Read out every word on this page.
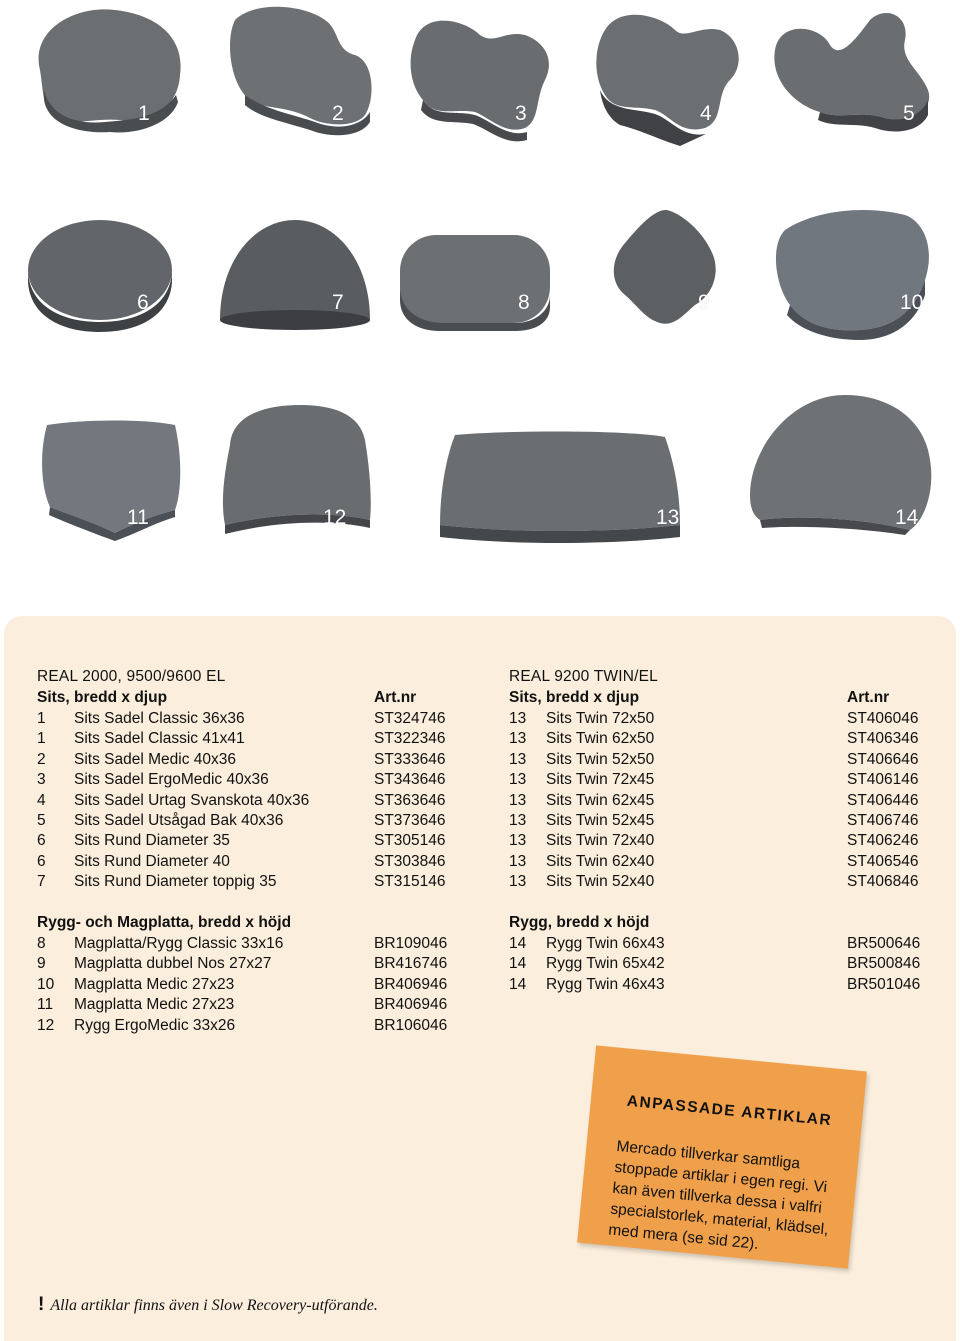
1	2	3	4	5
6	7	8	9	10
11	12	13	14
REAL 2000, 9500/9600 EL
Sits, bredd x djup	Art.nr
1 Sits Sadel Classic 36x36	ST324746
1 Sits Sadel Classic 41x41	ST322346
2 Sits Sadel Medic 40x36	ST333646
3 Sits Sadel ErgoMedic 40x36	ST343646
4 Sits Sadel Urtag Svanskota 40x36	ST363646
5 Sits Sadel Utsågad Bak 40x36	ST373646
6 Sits Rund Diameter 35	ST305146
6 Sits Rund Diameter 40	ST303846
7 Sits Rund Diameter toppig 35	ST315146
Rygg- och Magplatta, bredd x höjd
8 Magplatta/Rygg Classic 33x16	BR109046
9 Magplatta dubbel Nos 27x27	BR416746
10 Magplatta Medic 27x23	BR406946
11 Magplatta Medic 27x23	BR406946
12 Rygg ErgoMedic 33x26	BR106046
REAL 9200 TWIN/EL
Sits, bredd x djup	Art.nr
13 Sits Twin 72x50	ST406046
13 Sits Twin 62x50	ST406346
13 Sits Twin 52x50	ST406646
13 Sits Twin 72x45	ST406146
13 Sits Twin 62x45	ST406446
13 Sits Twin 52x45	ST406746
13 Sits Twin 72x40	ST406246
13 Sits Twin 62x40	ST406546
13 Sits Twin 52x40	ST406846
Rygg, bredd x höjd
14 Rygg Twin 66x43	BR500646
14 Rygg Twin 65x42	BR500846
14 Rygg Twin 46x43	BR501046
ANPASSADE ARTIKLAR
Mercado tillverkar samtliga stoppade artiklar i egen regi. Vi kan även tillverka dessa i valfri specialstorlek, material, klädsel, med mera (se sid 22).
! Alla artiklar finns även i Slow Recovery-utförande.
